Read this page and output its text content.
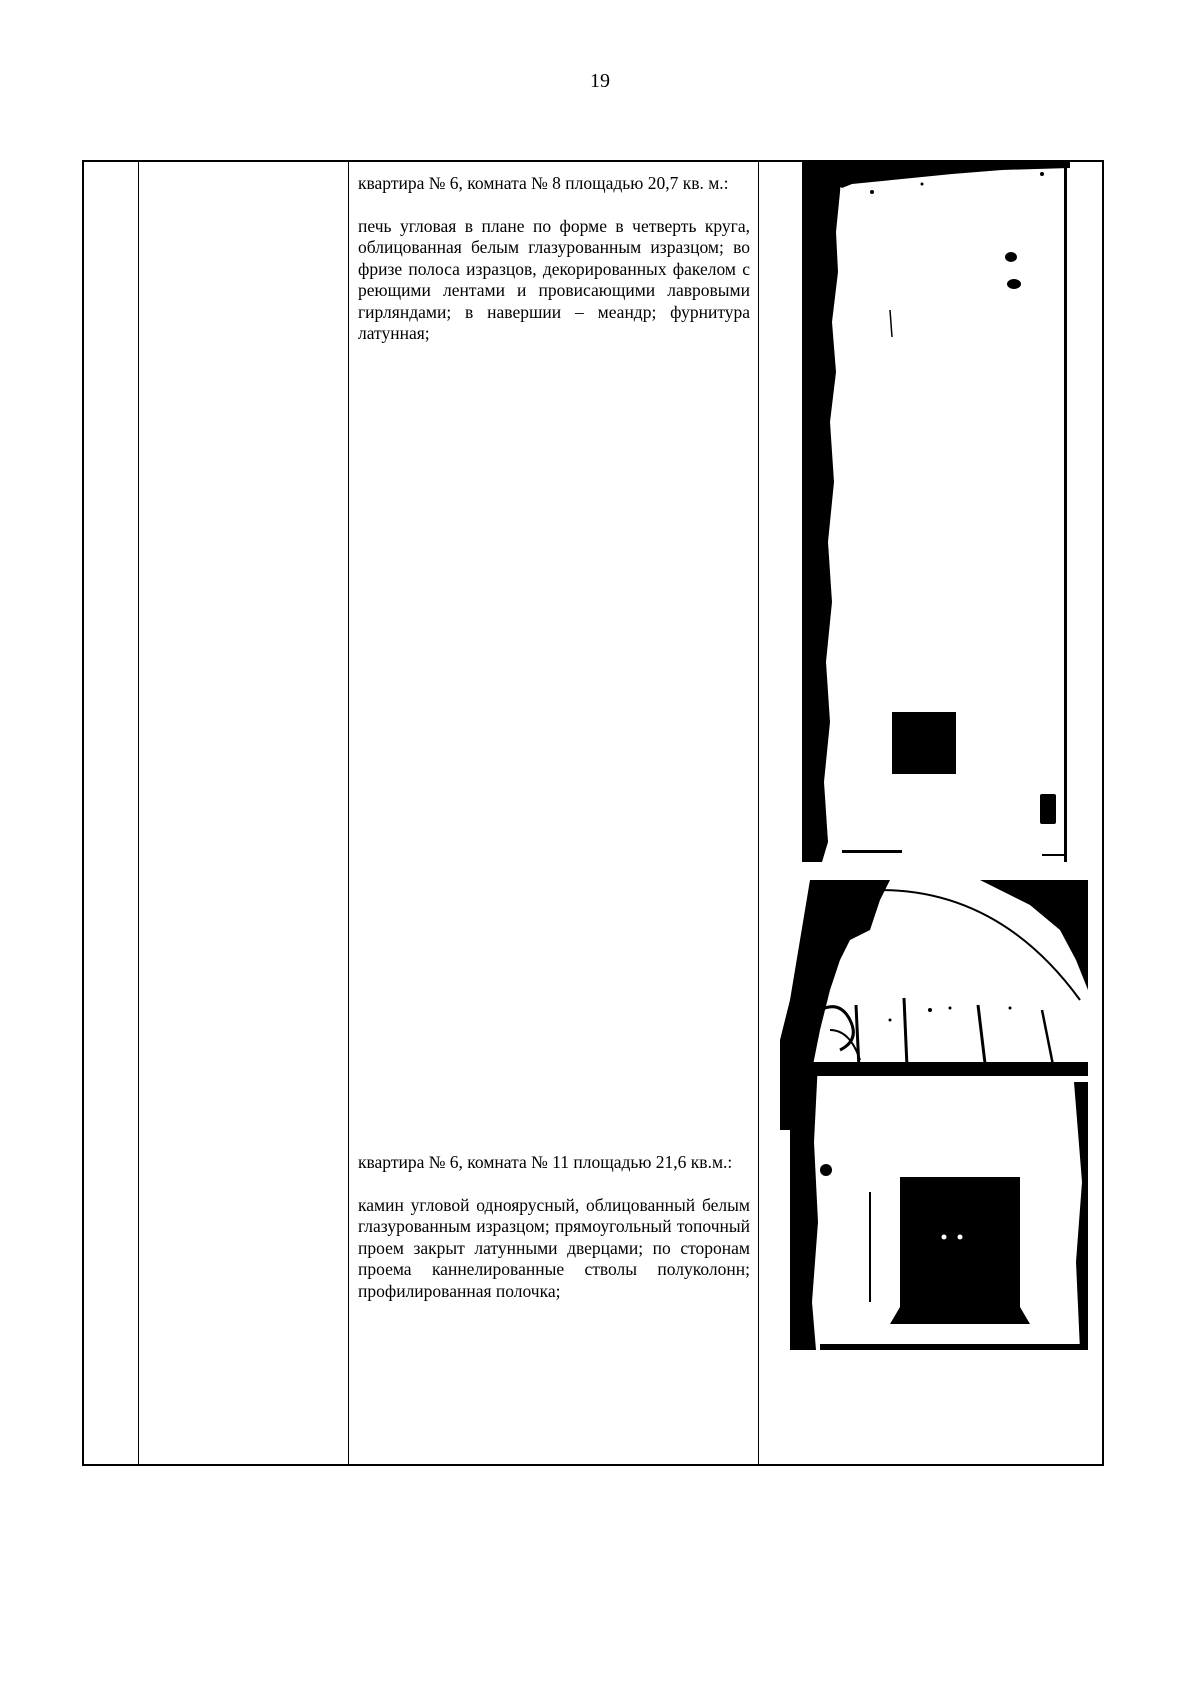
19

квартира № 6, комната № 8 площадью 20,7 кв. м.:

печь угловая в плане по форме в четверть круга, облицованная белым глазурованным изразцом; во фризе полоса изразцов, декорированных факелом с реющими лентами и провисающими лавровыми гирляндами; в навершии – меандр; фурнитура латунная;

квартира № 6, комната № 11 площадью 21,6 кв.м.:

камин угловой одноярусный, облицованный белым глазурованным изразцом; прямоугольный топочный проем закрыт латунными дверцами; по сторонам проема каннелированные стволы полуколонн; профилированная полочка;
